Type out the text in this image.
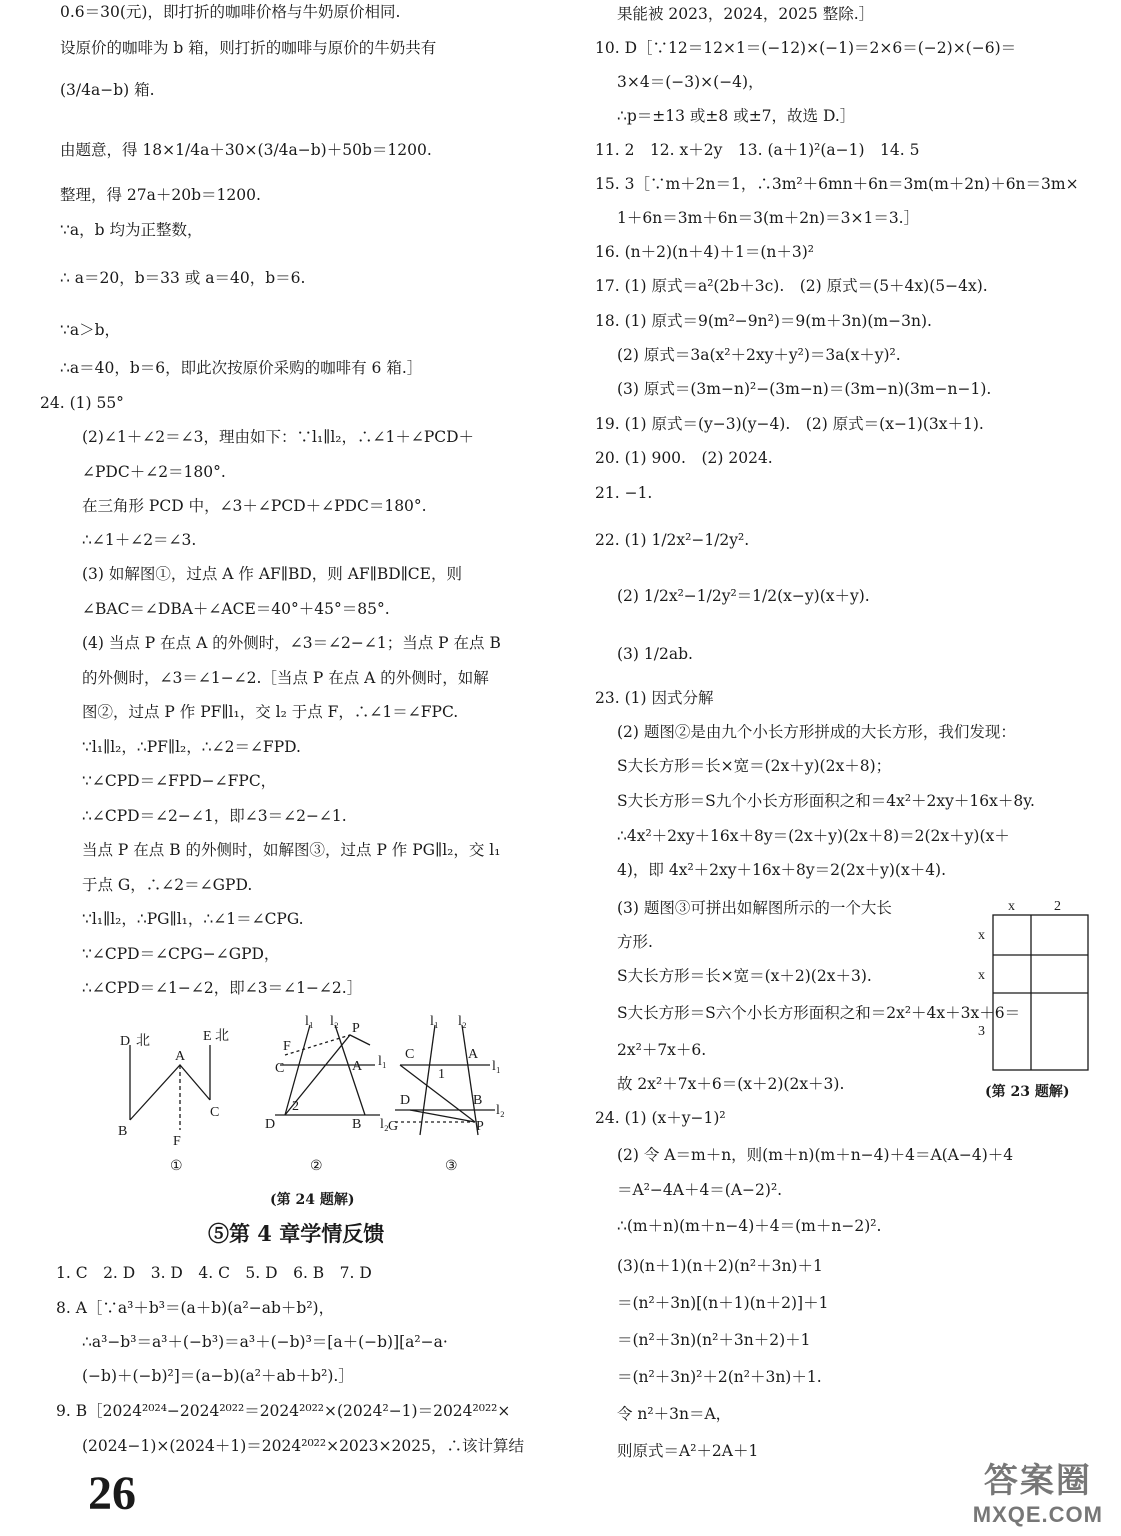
0.6＝30(元)，即打折的咖啡价格与牛奶原价相同.
设原价的咖啡为 b 箱，则打折的咖啡与原价的牛奶共有
(3/4a−b) 箱.
由题意，得 18×1/4a＋30×(3/4a−b)＋50b＝1200.
整理，得 27a＋20b＝1200.
∵a，b 均为正整数，
∴ a＝20，b＝33 或 a＝40，b＝6.
∵a＞b，
∴a＝40，b＝6，即此次按原价采购的咖啡有 6 箱.］
24. (1) 55°
(2)∠1＋∠2＝∠3，理由如下：∵l₁∥l₂，∴∠1＋∠PCD＋
∠PDC＋∠2＝180°.
在三角形 PCD 中，∠3＋∠PCD＋∠PDC＝180°.
∴∠1＋∠2＝∠3.
(3) 如解图①，过点 A 作 AF∥BD，则 AF∥BD∥CE，则
∠BAC＝∠DBA＋∠ACE＝40°＋45°＝85°.
(4) 当点 P 在点 A 的外侧时，∠3＝∠2−∠1；当点 P 在点 B
的外侧时，∠3＝∠1−∠2.［当点 P 在点 A 的外侧时，如解
图②，过点 P 作 PF∥l₁，交 l₂ 于点 F，∴∠1＝∠FPC.
∵l₁∥l₂，∴PF∥l₂，∴∠2＝∠FPD.
∵∠CPD＝∠FPD−∠FPC，
∴∠CPD＝∠2−∠1，即∠3＝∠2−∠1.
当点 P 在点 B 的外侧时，如解图③，过点 P 作 PG∥l₂，交 l₁
于点 G，∴∠2＝∠GPD.
∵l₁∥l₂，∴PG∥l₁，∴∠1＝∠CPG.
∵∠CPD＝∠CPG−∠GPD，
∴∠CPD＝∠1−∠2，即∠3＝∠1−∠2.］
D 北	E 北
A
B
F
C
①
l₁ l₂ P
F
C	A l₁
2
D	B l₂
②
l₁ l₂
C
1
A
l₁
D	B
l₂
G	P
③
(第 24 题解)
⑤第 4 章学情反馈
1. C　2. D　3. D　4. C　5. D　6. B　7. D
8. A［∵a³＋b³＝(a＋b)(a²−ab＋b²)，
∴a³−b³＝a³＋(−b³)＝a³＋(−b)³＝[a＋(−b)][a²−a·
(−b)＋(−b)²]＝(a−b)(a²＋ab＋b²).］
9. B［2024²⁰²⁴−2024²⁰²²＝2024²⁰²²×(2024²−1)＝2024²⁰²²×
(2024−1)×(2024＋1)＝2024²⁰²²×2023×2025，∴该计算结
26
果能被 2023，2024，2025 整除.］
10. D［∵12＝12×1＝(−12)×(−1)＝2×6＝(−2)×(−6)＝
3×4＝(−3)×(−4)，
∴p＝±13 或±8 或±7，故选 D.］
11. 2　12. x＋2y　13. (a＋1)²(a−1)　14. 5
15. 3［∵m＋2n＝1，∴3m²＋6mn＋6n＝3m(m＋2n)＋6n＝3m×
1＋6n＝3m＋6n＝3(m＋2n)＝3×1＝3.］
16. (n＋2)(n＋4)＋1＝(n＋3)²
17. (1) 原式＝a²(2b＋3c).　(2) 原式＝(5＋4x)(5−4x).
18. (1) 原式＝9(m²−9n²)＝9(m＋3n)(m−3n).
(2) 原式＝3a(x²＋2xy＋y²)＝3a(x＋y)².
(3) 原式＝(3m−n)²−(3m−n)＝(3m−n)(3m−n−1).
19. (1) 原式＝(y−3)(y−4).　(2) 原式＝(x−1)(3x＋1).
20. (1) 900.　(2) 2024.
21. −1.
22. (1) 1/2x²−1/2y².
(2) 1/2x²−1/2y²＝1/2(x−y)(x＋y).
(3) 1/2ab.
23. (1) 因式分解
(2) 题图②是由九个小长方形拼成的大长方形，我们发现：
S大长方形＝长×宽＝(2x＋y)(2x＋8)；
S大长方形＝S九个小长方形面积之和＝4x²＋2xy＋16x＋8y.
∴4x²＋2xy＋16x＋8y＝(2x＋y)(2x＋8)＝2(2x＋y)(x＋
4)，即 4x²＋2xy＋16x＋8y＝2(2x＋y)(x＋4).
(3) 题图③可拼出如解图所示的一个大长
方形.
S大长方形＝长×宽＝(x＋2)(2x＋3).
S大长方形＝S六个小长方形面积之和＝2x²＋4x＋3x＋6＝
2x²＋7x＋6.
故 2x²＋7x＋6＝(x＋2)(2x＋3).
24. (1) (x＋y−1)²
(2) 令 A＝m＋n，则(m＋n)(m＋n−4)＋4＝A(A−4)＋4
＝A²−4A＋4＝(A−2)².
∴(m＋n)(m＋n−4)＋4＝(m＋n−2)².
(3)(n＋1)(n＋2)(n²＋3n)＋1
＝(n²＋3n)[(n＋1)(n＋2)]＋1
＝(n²＋3n)(n²＋3n＋2)＋1
＝(n²＋3n)²＋2(n²＋3n)＋1.
令 n²＋3n＝A，
则原式＝A²＋2A＋1
x	2
x
x
3
(第 23 题解)
答案圈
MXQE.COM
